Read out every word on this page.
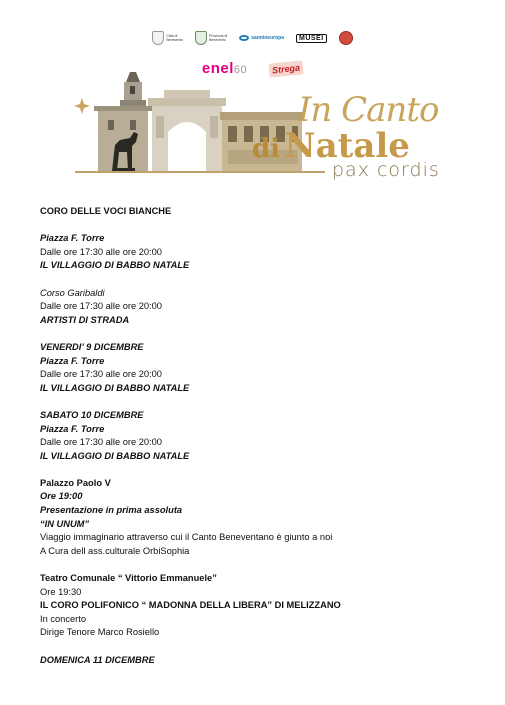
Città di
Benevento
Provincia di
Benevento	sannioeuropa	MUSEI
enel60	Strega
In Canto
di Natale
pax cordis
CORO DELLE VOCI BIANCHE
Piazza F. Torre
Dalle ore 17:30 alle ore 20:00
IL VILLAGGIO DI BABBO NATALE
Corso Garibaldi
Dalle ore 17:30 alle ore 20:00
ARTISTI DI STRADA
VENERDI’ 9 DICEMBRE
Piazza F. Torre
Dalle ore 17:30 alle ore 20:00
IL VILLAGGIO DI BABBO NATALE
SABATO 10 DICEMBRE
Piazza F. Torre
Dalle ore 17:30 alle ore 20:00
IL VILLAGGIO DI BABBO NATALE
Palazzo Paolo V
Ore 19:00
Presentazione in prima assoluta
“IN UNUM”
Viaggio immaginario attraverso cui il Canto Beneventano è giunto a noi
A Cura dell ass.culturale OrbiSophia
Teatro Comunale “ Vittorio Emmanuele”
Ore 19:30
IL CORO POLIFONICO “ MADONNA DELLA LIBERA” DI MELIZZANO
In concerto
Dirige Tenore Marco Rosiello
DOMENICA 11 DICEMBRE
